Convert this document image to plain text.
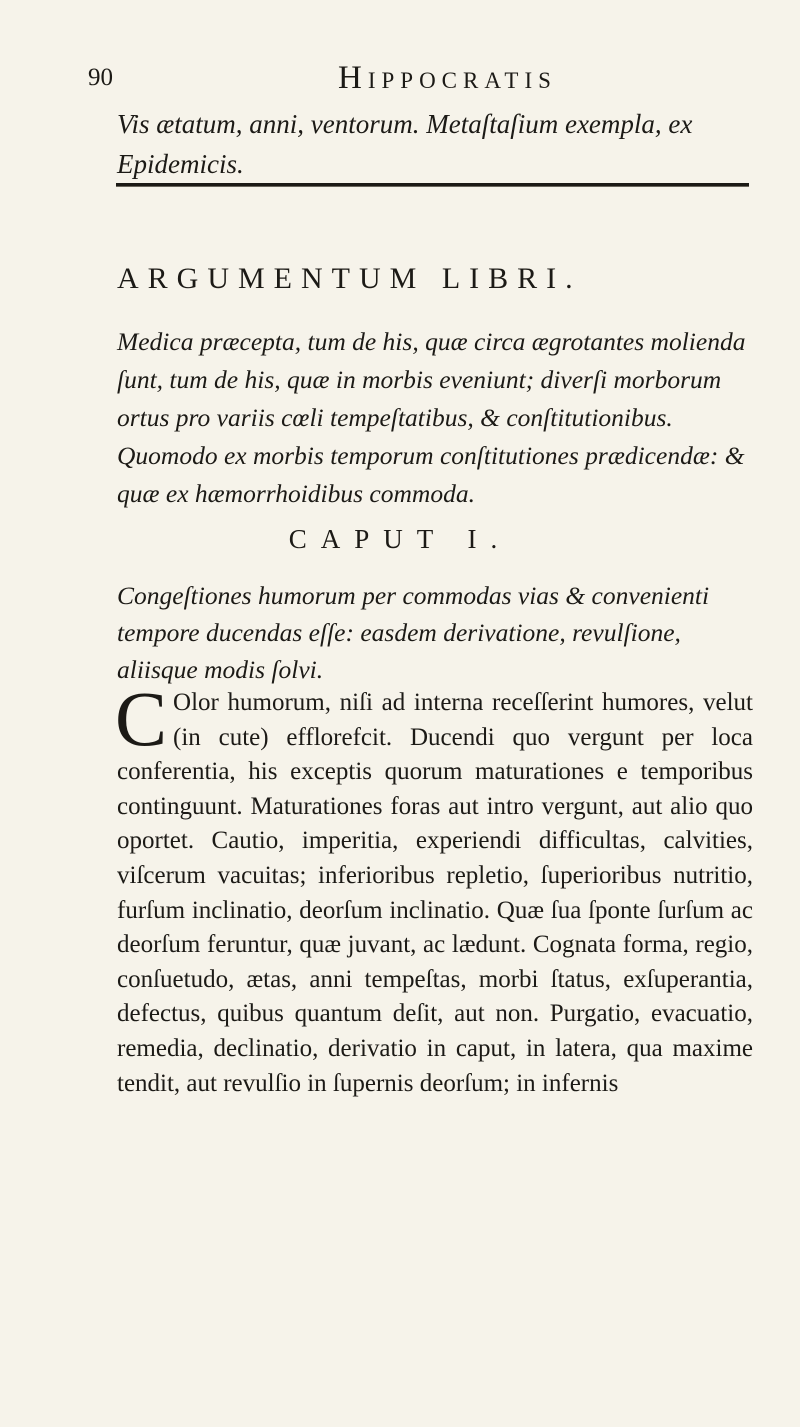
90	Hippocratis
Vis ætatum, anni, ventorum. Metaſtaſium exempla, ex Epidemicis.
ARGUMENTUM LIBRI.
Medica præcepta, tum de his, quæ circa ægrotantes molienda ſunt, tum de his, quæ in morbis eveniunt; diverſi morborum ortus pro variis cœli tempeſtatibus, & conſtitutionibus. Quomodo ex morbis temporum conſtitutiones prædicendæ: & quæ ex hæmorrhoidibus commoda.
CAPUT I.
Congeſtiones humorum per commodas vias & convenienti tempore ducendas eſſe: easdem derivatione, revulſione, aliisque modis ſolvi.
C Olor humorum, niſi ad interna receſſerint humores, velut (in cute) efflorefcit. Ducendi quo vergunt per loca conferentia, his exceptis quorum maturationes e temporibus continguunt. Maturationes foras aut intro vergunt, aut alio quo oportet. Cautio, imperitia, experiendi difficultas, calvities, viſcerum vacuitas; inferioribus repletio, ſuperioribus nutritio, furſum inclinatio, deorſum inclinatio. Quæ ſua ſponte ſurſum ac deorſum feruntur, quæ juvant, ac lædunt. Cognata forma, regio, conſuetudo, ætas, anni tempeſtas, morbi ſtatus, exſuperantia, defectus, quibus quantum deſit, aut non. Purgatio, evacuatio, remedia, declinatio, derivatio in caput, in latera, qua maxime tendit, aut revulſio in ſupernis deorſum; in infernis
